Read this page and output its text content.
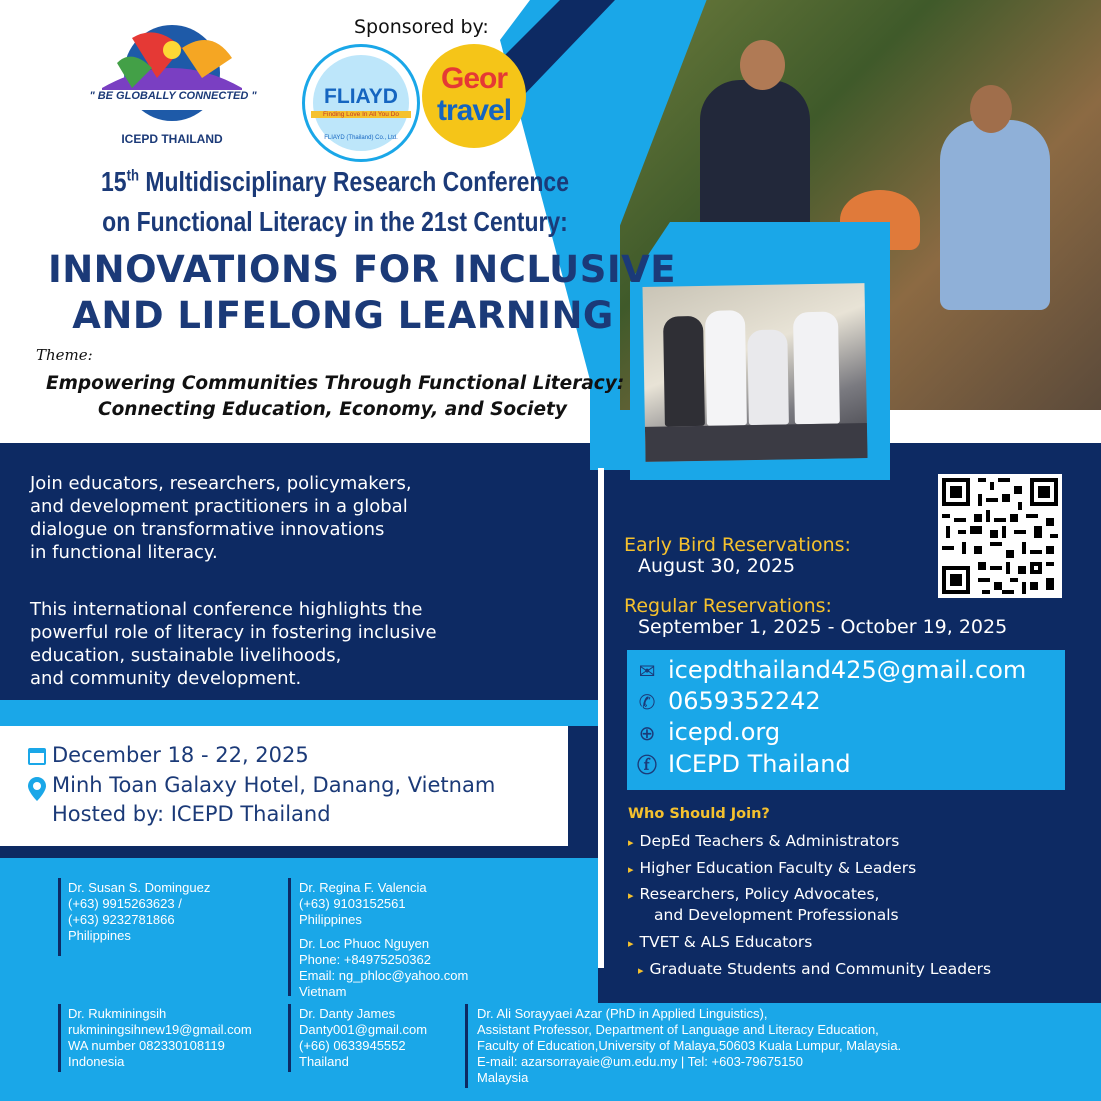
" BE GLOBALLY CONNECTED "
ICEPD THAILAND
Sponsored by:
FLIAYD
Finding Love In All You Do
FLIAYD (Thailand) Co., Ltd.
Geor
travel
15th Multidisciplinary Research Conference
on Functional Literacy in the 21st Century:
INNOVATIONS FOR INCLUSIVE
AND LIFELONG LEARNING
Theme:
Empowering Communities Through Functional Literacy:
Connecting Education, Economy, and Society
Join educators, researchers, policymakers,
and development practitioners in a global
dialogue on transformative innovations
in functional literacy.
This international conference highlights the
powerful role of literacy in fostering inclusive
education, sustainable livelihoods,
and community development.
December 18 - 22, 2025
Minh Toan Galaxy Hotel, Danang, Vietnam
Hosted by: ICEPD Thailand
Early Bird Reservations:
August 30, 2025
Regular Reservations:
September 1, 2025 - October 19, 2025
✉ icepdthailand425@gmail.com
✆ 0659352242
⊕ icepd.org
ⓕ ICEPD Thailand
Who Should Join?
▸ DepEd Teachers & Administrators
▸ Higher Education Faculty & Leaders
▸ Researchers, Policy Advocates,
and Development Professionals
▸ TVET & ALS Educators
▸ Graduate Students and Community Leaders
Dr. Susan S. Dominguez
(+63) 9915263623 /
(+63) 9232781866
Philippines
Dr. Regina F. Valencia
(+63) 9103152561
Philippines
Dr. Loc Phuoc Nguyen
Phone: +84975250362
Email: ng_phloc@yahoo.com
Vietnam
Dr. Rukminingsih
rukminingsihnew19@gmail.com
WA number 082330108119
Indonesia
Dr. Danty James
Danty001@gmail.com
(+66) 0633945552
Thailand
Dr. Ali Sorayyaei Azar (PhD in Applied Linguistics),
Assistant Professor, Department of Language and Literacy Education,
Faculty of Education,University of Malaya,50603 Kuala Lumpur, Malaysia.
E-mail: azarsorrayaie@um.edu.my | Tel: +603-79675150
Malaysia
